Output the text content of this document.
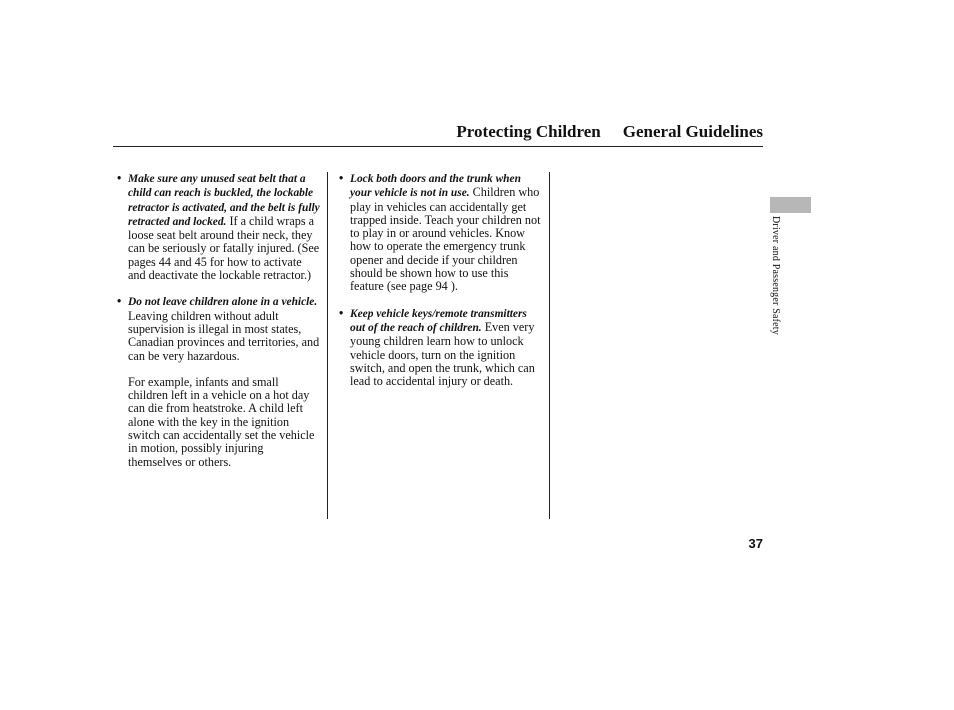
Protecting Children General Guidelines
• Make sure any unused seat belt that a child can reach is buckled, the lockable retractor is activated, and the belt is fully retracted and locked. If a child wraps a loose seat belt around their neck, they can be seriously or fatally injured. (See pages 44 and 45 for how to activate and deactivate the lockable retractor.)
• Do not leave children alone in a vehicle. Leaving children without adult supervision is illegal in most states, Canadian provinces and territories, and can be very hazardous.
For example, infants and small children left in a vehicle on a hot day can die from heatstroke. A child left alone with the key in the ignition switch can accidentally set the vehicle in motion, possibly injuring themselves or others.
• Lock both doors and the trunk when your vehicle is not in use. Children who play in vehicles can accidentally get trapped inside. Teach your children not to play in or around vehicles. Know how to operate the emergency trunk opener and decide if your children should be shown how to use this feature (see page 94 ).
• Keep vehicle keys/remote transmitters out of the reach of children. Even very young children learn how to unlock vehicle doors, turn on the ignition switch, and open the trunk, which can lead to accidental injury or death.
Driver and Passenger Safety
37
